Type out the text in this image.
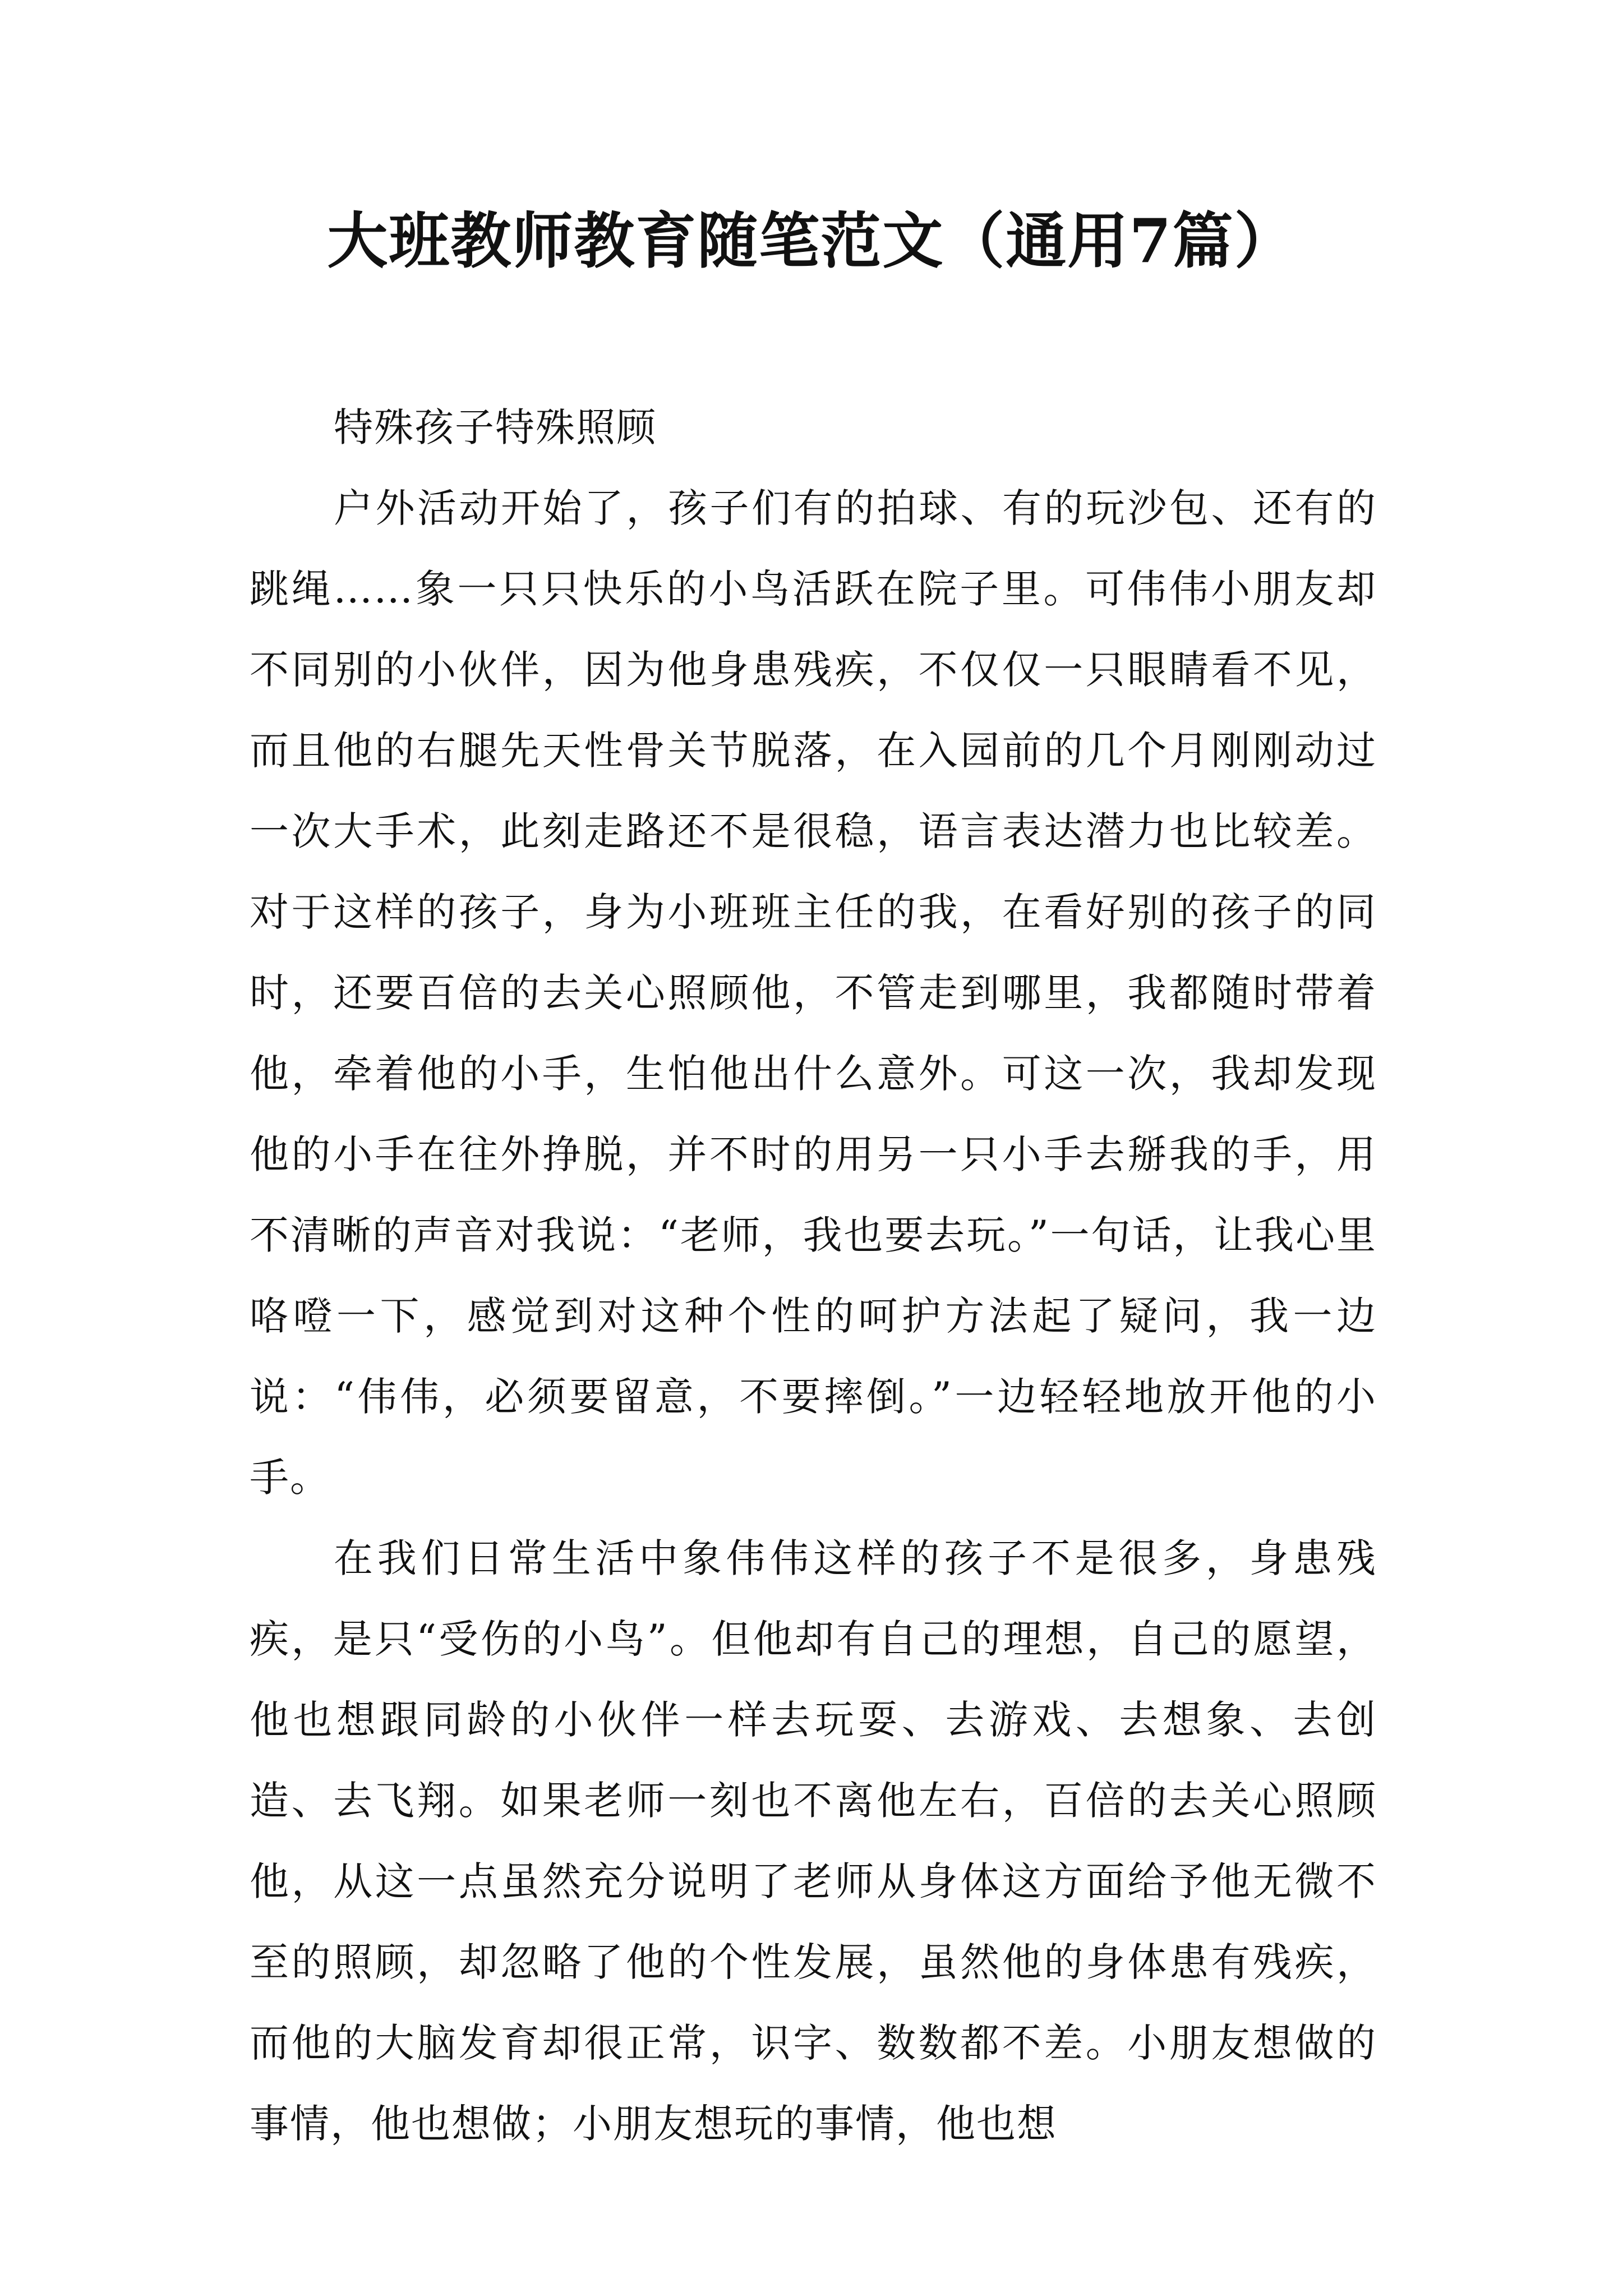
大班教师教育随笔范文（通用7篇）

特殊孩子特殊照顾

户外活动开始了，孩子们有的拍球、有的玩沙包、还有的跳绳……象一只只快乐的小鸟活跃在院子里。可伟伟小朋友却不同别的小伙伴，因为他身患残疾，不仅仅一只眼睛看不见，而且他的右腿先天性骨关节脱落，在入园前的几个月刚刚动过一次大手术，此刻走路还不是很稳，语言表达潜力也比较差。对于这样的孩子，身为小班班主任的我，在看好别的孩子的同时，还要百倍的去关心照顾他，不管走到哪里，我都随时带着他，牵着他的小手，生怕他出什么意外。可这一次，我却发现他的小手在往外挣脱，并不时的用另一只小手去掰我的手，用不清晰的声音对我说：“老师，我也要去玩。”一句话，让我心里咯噔一下，感觉到对这种个性的呵护方法起了疑问，我一边说：“伟伟，必须要留意，不要摔倒。”一边轻轻地放开他的小手。

在我们日常生活中象伟伟这样的孩子不是很多，身患残疾，是只“受伤的小鸟”。但他却有自己的理想，自己的愿望，他也想跟同龄的小伙伴一样去玩耍、去游戏、去想象、去创造、去飞翔。如果老师一刻也不离他左右，百倍的去关心照顾他，从这一点虽然充分说明了老师从身体这方面给予他无微不至的照顾，却忽略了他的个性发展，虽然他的身体患有残疾，而他的大脑发育却很正常，识字、数数都不差。小朋友想做的事情，他也想做；小朋友想玩的事情，他也想
